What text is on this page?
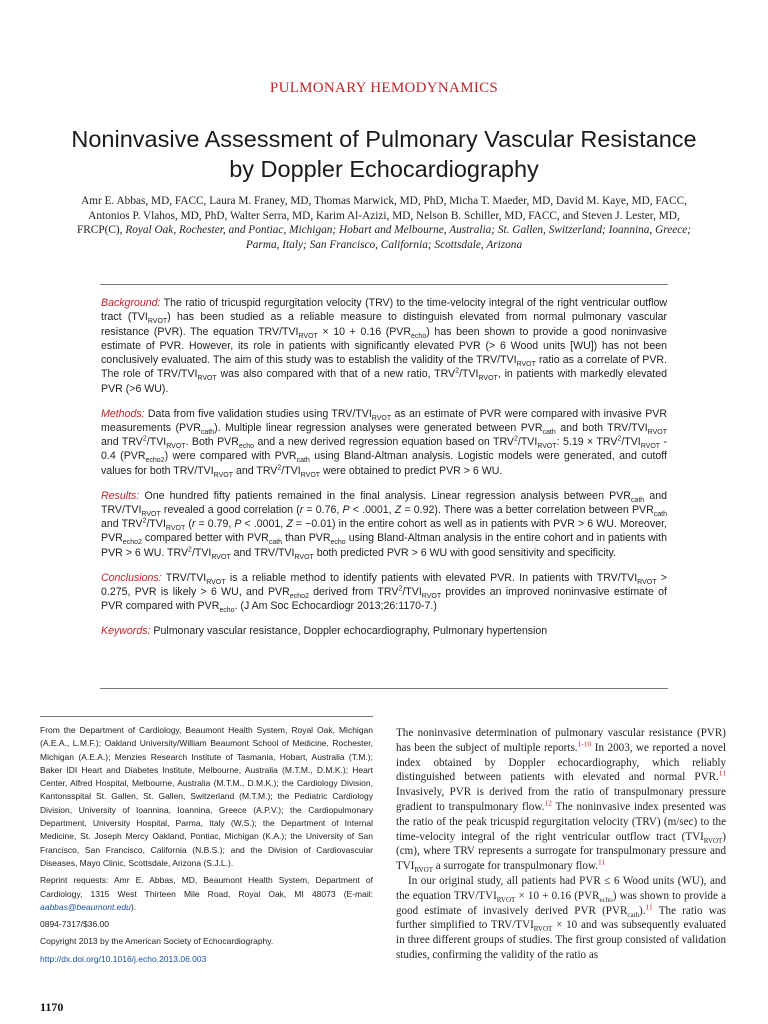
PULMONARY HEMODYNAMICS
Noninvasive Assessment of Pulmonary Vascular Resistance by Doppler Echocardiography
Amr E. Abbas, MD, FACC, Laura M. Franey, MD, Thomas Marwick, MD, PhD, Micha T. Maeder, MD, David M. Kaye, MD, FACC, Antonios P. Vlahos, MD, PhD, Walter Serra, MD, Karim Al-Azizi, MD, Nelson B. Schiller, MD, FACC, and Steven J. Lester, MD, FRCP(C), Royal Oak, Rochester, and Pontiac, Michigan; Hobart and Melbourne, Australia; St. Gallen, Switzerland; Ioannina, Greece; Parma, Italy; San Francisco, California; Scottsdale, Arizona

Background: The ratio of tricuspid regurgitation velocity (TRV) to the time-velocity integral of the right ventricular outflow tract $(TVI_{RVOT})$ has been studied as a reliable measure to distinguish elevated from normal pulmonary vascular resistance (PVR). The equation TRV/$TVI_{RVOT} \times 10 + 0.16$ $(PVR_{echo})$ has been shown to provide a good noninvasive estimate of PVR. However, its role in patients with significantly elevated PVR (> 6 Wood units [WU]) has not been conclusively evaluated. The aim of this study was to establish the validity of the TRV/$TVI_{RVOT}$ ratio as a correlate of PVR. The role of TRV/$TVI_{RVOT}$ was also compared with that of a new ratio, $TRV^2/TVI_{RVOT}$, in patients with markedly elevated PVR (>6 WU).

Methods: Data from five validation studies using TRV/$TVI_{RVOT}$ as an estimate of PVR were compared with invasive PVR measurements $(PVR_{cath})$. Multiple linear regression analyses were generated between $PVR_{cath}$ and both TRV/$TVI_{RVOT}$ and $TRV^2/TVI_{RVOT}$. Both $PVR_{echo}$ and a new derived regression equation based on $TRV^2/TVI_{RVOT}$: $5.19 \times TRV^2/TVI_{RVOT} - 0.4$ $(PVR_{echo2})$ were compared with $PVR_{cath}$ using Bland-Altman analysis. Logistic models were generated, and cutoff values for both TRV/$TVI_{RVOT}$ and $TRV^2/TVI_{RVOT}$ were obtained to predict PVR > 6 WU.

Results: One hundred fifty patients remained in the final analysis. Linear regression analysis between $PVR_{cath}$ and TRV/$TVI_{RVOT}$ revealed a good correlation (r = 0.76, P < .0001, Z = 0.92). There was a better correlation between $PVR_{cath}$ and $TRV^2/TVI_{RVOT}$ (r = 0.79, P < .0001, Z = −0.01) in the entire cohort as well as in patients with PVR > 6 WU. Moreover, $PVR_{echo2}$ compared better with $PVR_{cath}$ than $PVR_{echo}$ using Bland-Altman analysis in the entire cohort and in patients with PVR > 6 WU. $TRV^2/TVI_{RVOT}$ and TRV/$TVI_{RVOT}$ both predicted PVR > 6 WU with good sensitivity and specificity.

Conclusions: TRV/$TVI_{RVOT}$ is a reliable method to identify patients with elevated PVR. In patients with TRV/$TVI_{RVOT} > 0.275$, PVR is likely > 6 WU, and $PVR_{echo2}$ derived from $TRV^2/TVI_{RVOT}$ provides an improved noninvasive estimate of PVR compared with $PVR_{echo}$. (J Am Soc Echocardiogr 2013;26:1170-7.)

Keywords: Pulmonary vascular resistance, Doppler echocardiography, Pulmonary hypertension

From the Department of Cardiology, Beaumont Health System, Royal Oak, Michigan (A.E.A., L.M.F.); Oakland University/William Beaumont School of Medicine, Rochester, Michigan (A.E.A.); Menzies Research Institute of Tasmania, Hobart, Australia (T.M.); Baker IDI Heart and Diabetes Institute, Melbourne, Australia (M.T.M., D.M.K.); Heart Center, Alfred Hospital, Melbourne, Australia (M.T.M., D.M.K.); the Cardiology Division, Kantonsspital St. Gallen, St. Gallen, Switzerland (M.T.M.); the Pediatric Cardiology Division, University of Ioannina, Ioannina, Greece (A.P.V.); the Cardiopulmonary Department, University Hospital, Parma, Italy (W.S.); the Department of Internal Medicine, St. Joseph Mercy Oakland, Pontiac, Michigan (K.A.); the University of San Francisco, San Francisco, California (N.B.S.); and the Division of Cardiovascular Diseases, Mayo Clinic, Scottsdale, Arizona (S.J.L.).

Reprint requests: Amr E. Abbas, MD, Beaumont Health System, Department of Cardiology, 1315 West Thirteen Mile Road, Royal Oak, MI 48073 (E-mail: aabbas@beaumont.edu).

0894-7317/$36.00

Copyright 2013 by the American Society of Echocardiography.

http://dx.doi.org/10.1016/j.echo.2013.06.003

1170

The noninvasive determination of pulmonary vascular resistance (PVR) has been the subject of multiple reports.$^{1-10}$ In 2003, we reported a novel index obtained by Doppler echocardiography, which reliably distinguished between patients with elevated and normal PVR.$^{11}$ Invasively, PVR is derived from the ratio of transpulmonary pressure gradient to transpulmonary flow.$^{12}$ The noninvasive index presented was the ratio of the peak tricuspid regurgitation velocity (TRV) (m/sec) to the time-velocity integral of the right ventricular outflow tract $(TVI_{RVOT})$ (cm), where TRV represents a surrogate for transpulmonary pressure and $TVI_{RVOT}$ a surrogate for transpulmonary flow.$^{11}$

In our original study, all patients had PVR ≤ 6 Wood units (WU), and the equation TRV/$TVI_{RVOT} \times 10 + 0.16$ $(PVR_{echo})$ was shown to provide a good estimate of invasively derived PVR $(PVR_{cath}).^{11}$ The ratio was further simplified to TRV/$TVI_{RVOT} \times 10$ and was subsequently evaluated in three different groups of studies. The first group consisted of validation studies, confirming the validity of the ratio as
